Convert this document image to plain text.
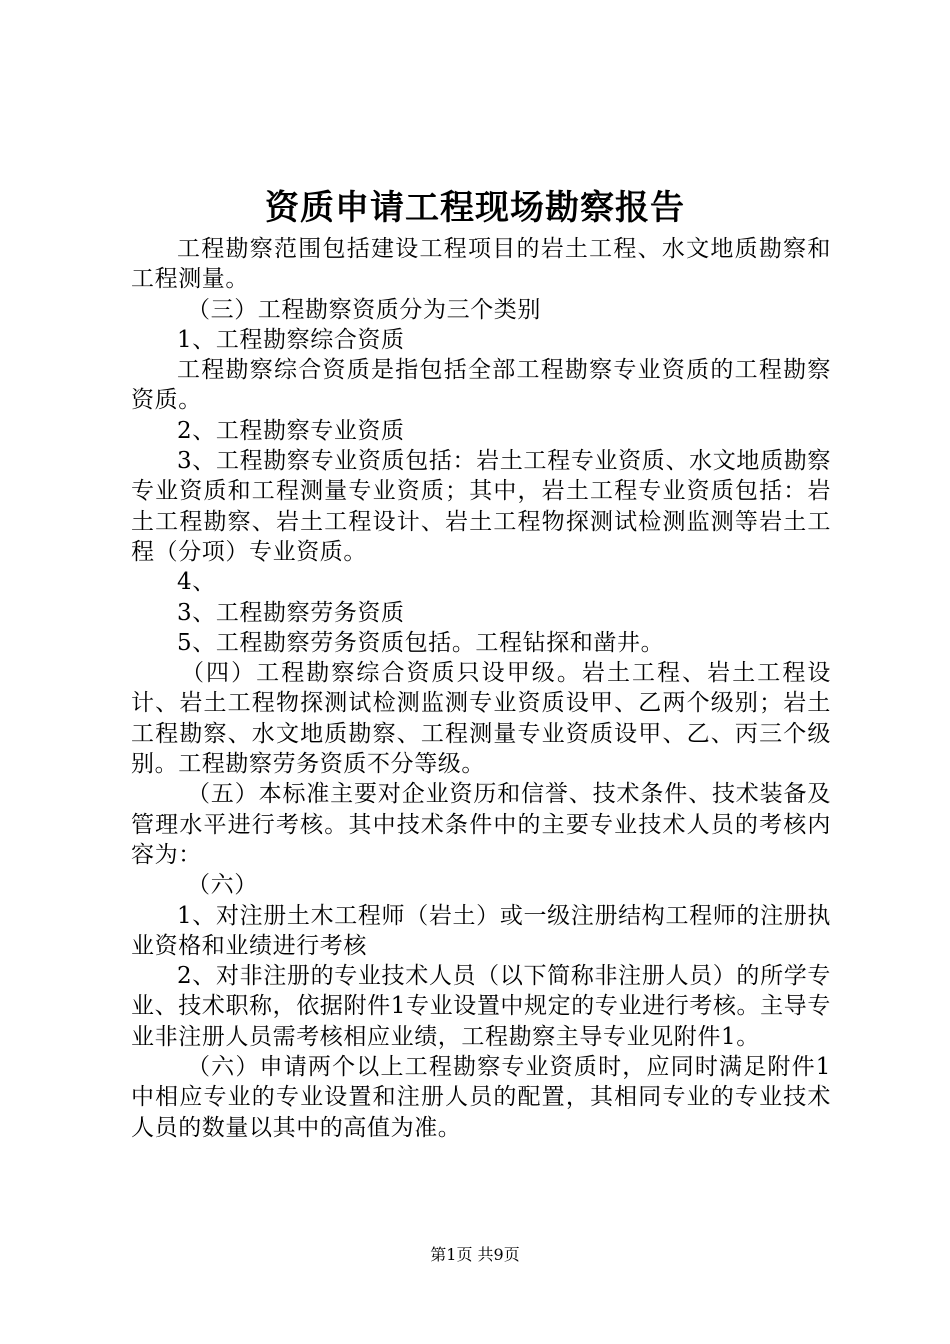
资质申请工程现场勘察报告

工程勘察范围包括建设工程项目的岩土工程、水文地质勘察和工程测量。

（三）工程勘察资质分为三个类别

1、工程勘察综合资质

工程勘察综合资质是指包括全部工程勘察专业资质的工程勘察资质。

2、工程勘察专业资质

3、工程勘察专业资质包括：岩土工程专业资质、水文地质勘察专业资质和工程测量专业资质；其中，岩土工程专业资质包括：岩土工程勘察、岩土工程设计、岩土工程物探测试检测监测等岩土工程（分项）专业资质。

4、

3、工程勘察劳务资质

5、工程勘察劳务资质包括。工程钻探和凿井。

（四）工程勘察综合资质只设甲级。岩土工程、岩土工程设计、岩土工程物探测试检测监测专业资质设甲、乙两个级别；岩土工程勘察、水文地质勘察、工程测量专业资质设甲、乙、丙三个级别。工程勘察劳务资质不分等级。

（五）本标准主要对企业资历和信誉、技术条件、技术装备及管理水平进行考核。其中技术条件中的主要专业技术人员的考核内容为：

（六）

1、对注册土木工程师（岩土）或一级注册结构工程师的注册执业资格和业绩进行考核

2、对非注册的专业技术人员（以下简称非注册人员）的所学专业、技术职称，依据附件1专业设置中规定的专业进行考核。主导专业非注册人员需考核相应业绩，工程勘察主导专业见附件1。

（六）申请两个以上工程勘察专业资质时，应同时满足附件1中相应专业的专业设置和注册人员的配置，其相同专业的专业技术人员的数量以其中的高值为准。

第1页 共9页
